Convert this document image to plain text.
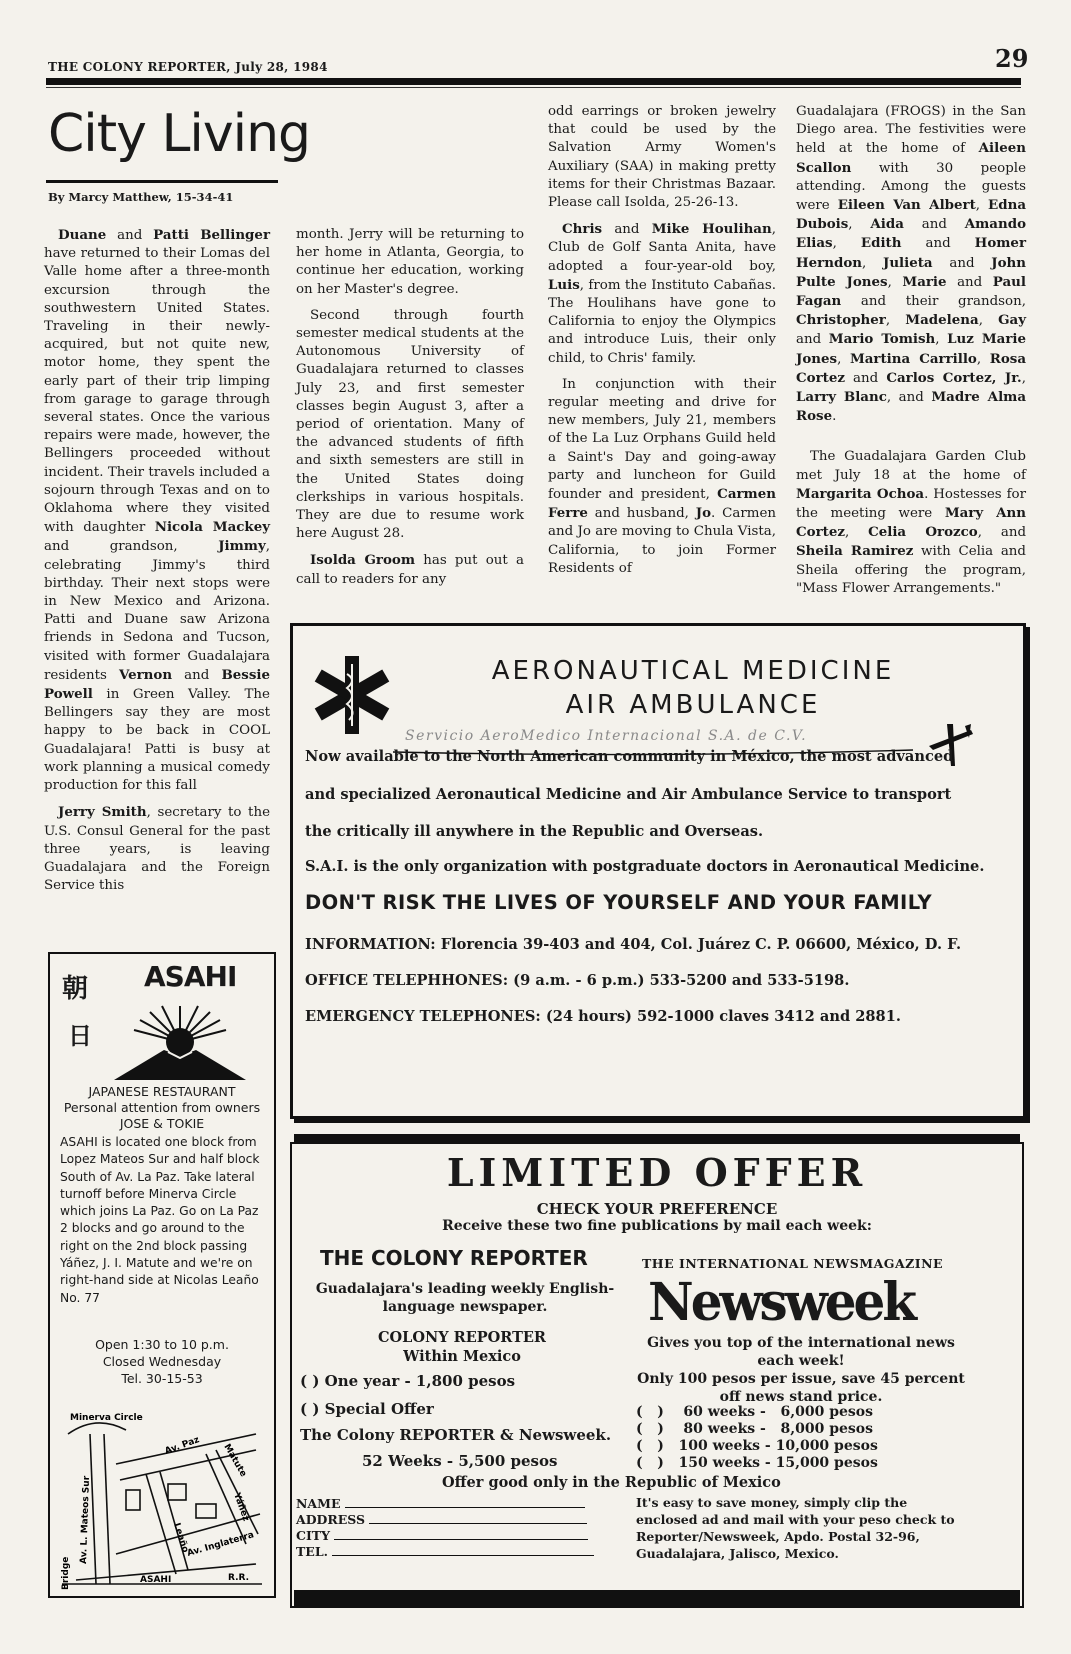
THE COLONY REPORTER, July 28, 1984	29
City Living
By Marcy Matthew, 15-34-41

Duane and Patti Bellinger have returned to their Lomas del Valle home after a three-month excursion through the southwestern United States. Traveling in their newly-acquired, but not quite new, motor home, they spent the early part of their trip limping from garage to garage through several states. Once the various repairs were made, however, the Bellingers proceeded without incident. Their travels included a sojourn through Texas and on to Oklahoma where they visited with daughter Nicola Mackey and grandson, Jimmy, celebrating Jimmy's third birthday. Their next stops were in New Mexico and Arizona. Patti and Duane saw Arizona friends in Sedona and Tucson, visited with former Guadalajara residents Vernon and Bessie Powell in Green Valley. The Bellingers say they are most happy to be back in COOL Guadalajara! Patti is busy at work planning a musical comedy production for this fall

Jerry Smith, secretary to the U.S. Consul General for the past three years, is leaving Guadalajara and the Foreign Service this

month. Jerry will be returning to her home in Atlanta, Georgia, to continue her education, working on her Master's degree.

Second through fourth semester medical students at the Autonomous University of Guadalajara returned to classes July 23, and first semester classes begin August 3, after a period of orientation. Many of the advanced students of fifth and sixth semesters are still in the United States doing clerkships in various hospitals. They are due to resume work here August 28.

Isolda Groom has put out a call to readers for any

odd earrings or broken jewelry that could be used by the Salvation Army Women's Auxiliary (SAA) in making pretty items for their Christmas Bazaar. Please call Isolda, 25-26-13.

Chris and Mike Houlihan, Club de Golf Santa Anita, have adopted a four-year-old boy, Luis, from the Instituto Cabañas. The Houlihans have gone to California to enjoy the Olympics and introduce Luis, their only child, to Chris' family.

In conjunction with their regular meeting and drive for new members, July 21, members of the La Luz Orphans Guild held a Saint's Day and going-away party and luncheon for Guild founder and president, Carmen Ferre and husband, Jo. Carmen and Jo are moving to Chula Vista, California, to join Former Residents of

Guadalajara (FROGS) in the San Diego area. The festivities were held at the home of Aileen Scallon with 30 people attending. Among the guests were Eileen Van Albert, Edna Dubois, Aida and Amando Elias, Edith and Homer Herndon, Julieta and John Pulte Jones, Marie and Paul Fagan and their grandson, Christopher, Madelena, Gay and Mario Tomish, Luz Marie Jones, Martina Carrillo, Rosa Cortez and Carlos Cortez, Jr., Larry Blanc, and Madre Alma Rose.

The Guadalajara Garden Club met July 18 at the home of Margarita Ochoa. Hostesses for the meeting were Mary Ann Cortez, Celia Orozco, and Sheila Ramirez with Celia and Sheila offering the program, "Mass Flower Arrangements."

朝
日
ASAHI
JAPANESE RESTAURANT
Personal attention from owners
JOSE & TOKIE
ASAHI is located one block from Lopez Mateos Sur and half block South of Av. La Paz. Take lateral turnoff before Minerva Circle which joins La Paz. Go on La Paz 2 blocks and go around to the right on the 2nd block passing Yáñez, J. I. Matute and we're on right-hand side at Nicolas Leaño No. 77
Open 1:30 to 10 p.m.
Closed Wednesday
Tel. 30-15-53
Minerva Circle
Av. L. Mateos Sur
Av. Paz Matute
Yáñez
Leaño
Av. Inglaterra
Bridge	R.R.
ASAHI
AERONAUTICAL MEDICINE
AIR AMBULANCE
Servicio AeroMedico Internacional S.A. de C.V.
Now available to the North American community in México, the most advanced
and specialized Aeronautical Medicine and Air Ambulance Service to transport
the critically ill anywhere in the Republic and Overseas.
S.A.I. is the only organization with postgraduate doctors in Aeronautical Medicine.
DON'T RISK THE LIVES OF YOURSELF AND YOUR FAMILY
INFORMATION: Florencia 39-403 and 404, Col. Juárez C. P. 06600, México, D. F.
OFFICE TELEPHHONES: (9 a.m. - 6 p.m.) 533-5200 and 533-5198.
EMERGENCY TELEPHONES: (24 hours) 592-1000 claves 3412 and 2881.
LIMITED OFFER
CHECK YOUR PREFERENCE
Receive these two fine publications by mail each week:
THE COLONY REPORTER
Guadalajara's leading weekly English-language newspaper.
COLONY REPORTER
Within Mexico
( ) One year - 1,800 pesos
( ) Special Offer
The Colony REPORTER & Newsweek.
52 Weeks - 5,500 pesos
Offer good only in the Republic of Mexico
THE INTERNATIONAL NEWSMAGAZINE
Newsweek
Gives you top of the international news each week!
Only 100 pesos per issue, save 45 percent off news stand price.
(   )    60 weeks -   6,000 pesos
(   )    80 weeks -   8,000 pesos
(   )   100 weeks - 10,000 pesos
(   )   150 weeks - 15,000 pesos
NAME
ADDRESS
CITY
TEL.
It's easy to save money, simply clip the enclosed ad and mail with your peso check to Reporter/Newsweek, Apdo. Postal 32-96, Guadalajara, Jalisco, Mexico.
